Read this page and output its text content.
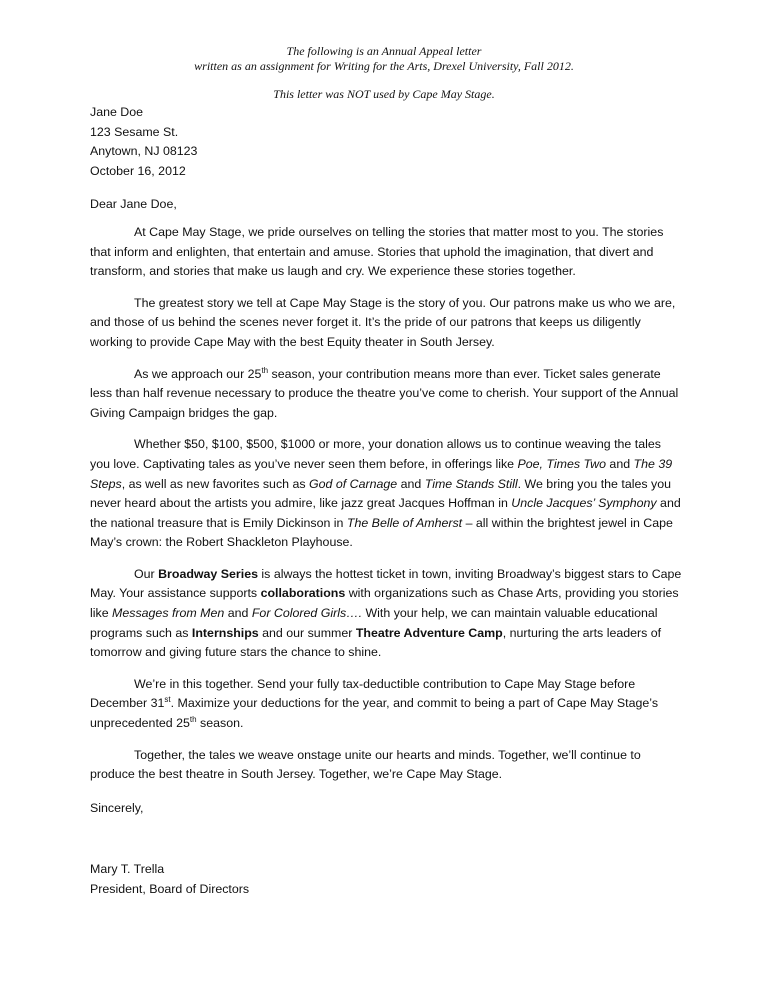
The following is an Annual Appeal letter
written as an assignment for Writing for the Arts, Drexel University, Fall 2012.
This letter was NOT used by Cape May Stage.
Jane Doe
123 Sesame St.
Anytown, NJ 08123
October 16, 2012
Dear Jane Doe,

At Cape May Stage, we pride ourselves on telling the stories that matter most to you. The stories that inform and enlighten, that entertain and amuse. Stories that uphold the imagination, that divert and transform, and stories that make us laugh and cry. We experience these stories together.

The greatest story we tell at Cape May Stage is the story of you. Our patrons make us who we are, and those of us behind the scenes never forget it. It’s the pride of our patrons that keeps us diligently working to provide Cape May with the best Equity theater in South Jersey.

As we approach our 25th season, your contribution means more than ever. Ticket sales generate less than half revenue necessary to produce the theatre you’ve come to cherish. Your support of the Annual Giving Campaign bridges the gap.

Whether $50, $100, $500, $1000 or more, your donation allows us to continue weaving the tales you love. Captivating tales as you’ve never seen them before, in offerings like Poe, Times Two and The 39 Steps, as well as new favorites such as God of Carnage and Time Stands Still. We bring you the tales you never heard about the artists you admire, like jazz great Jacques Hoffman in Uncle Jacques’ Symphony and the national treasure that is Emily Dickinson in The Belle of Amherst – all within the brightest jewel in Cape May’s crown: the Robert Shackleton Playhouse.

Our Broadway Series is always the hottest ticket in town, inviting Broadway’s biggest stars to Cape May. Your assistance supports collaborations with organizations such as Chase Arts, providing you stories like Messages from Men and For Colored Girls…. With your help, we can maintain valuable educational programs such as Internships and our summer Theatre Adventure Camp, nurturing the arts leaders of tomorrow and giving future stars the chance to shine.

We’re in this together. Send your fully tax-deductible contribution to Cape May Stage before December 31st. Maximize your deductions for the year, and commit to being a part of Cape May Stage’s unprecedented 25th season.

Together, the tales we weave onstage unite our hearts and minds. Together, we’ll continue to produce the best theatre in South Jersey. Together, we’re Cape May Stage.

Sincerely,
Mary T. Trella
President, Board of Directors
